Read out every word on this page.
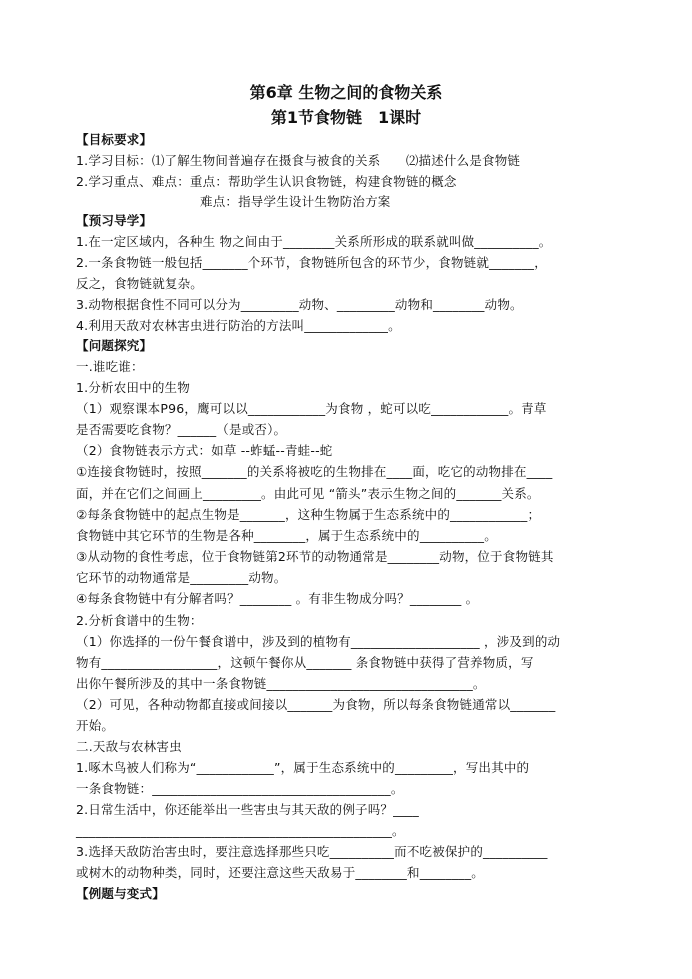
第6章 生物之间的食物关系
第1节食物链　1课时
【目标要求】
1.学习目标：⑴了解生物间普遍存在摄食与被食的关系　　⑵描述什么是食物链
2.学习重点、难点：重点：帮助学生认识食物链，构建食物链的概念
难点：指导学生设计生物防治方案
【预习导学】
1.在一定区域内，各种生 物之间由于________关系所形成的联系就叫做__________。
2.一条食物链一般包括_______个环节，食物链所包含的环节少，食物链就_______，
反之，食物链就复杂。
3.动物根据食性不同可以分为_________动物、_________动物和________动物。
4.利用天敌对农林害虫进行防治的方法叫_____________。
【问题探究】
一.谁吃谁：
1.分析农田中的生物
（1）观察课本P96，鹰可以以____________为食物 ，蛇可以吃____________。青草
是否需要吃食物？______（是或否）。
（2）食物链表示方式：如草 --蚱蜢--青蛙--蛇
①连接食物链时，按照_______的关系将被吃的生物排在____面，吃它的动物排在____
面，并在它们之间画上_________。由此可见 “箭头”表示生物之间的_______关系。
②每条食物链中的起点生物是_______，这种生物属于生态系统中的____________；
食物链中其它环节的生物是各种________，属于生态系统中的__________。
③从动物的食性考虑，位于食物链第2环节的动物通常是________动物，位于食物链其
它环节的动物通常是_________动物。
④每条食物链中有分解者吗？________ 。有非生物成分吗？________ 。
2.分析食谱中的生物：
（1）你选择的一份午餐食谱中，涉及到的植物有____________________ ，涉及到的动
物有__________________，这顿午餐你从_______ 条食物链中获得了营养物质，写
出你午餐所涉及的其中一条食物链________________________________。
（2）可见，各种动物都直接或间接以_______为食物，所以每条食物链通常以_______
开始。
二.天敌与农林害虫
1.啄木鸟被人们称为“____________”，属于生态系统中的_________，写出其中的
一条食物链：_____________________________________。
2.日常生活中，你还能举出一些害虫与其天敌的例子吗？____
_________________________________________________。
3.选择天敌防治害虫时，要注意选择那些只吃__________而不吃被保护的__________
或树木的动物种类，同时，还要注意这些天敌易于________和________。
【例题与变式】
